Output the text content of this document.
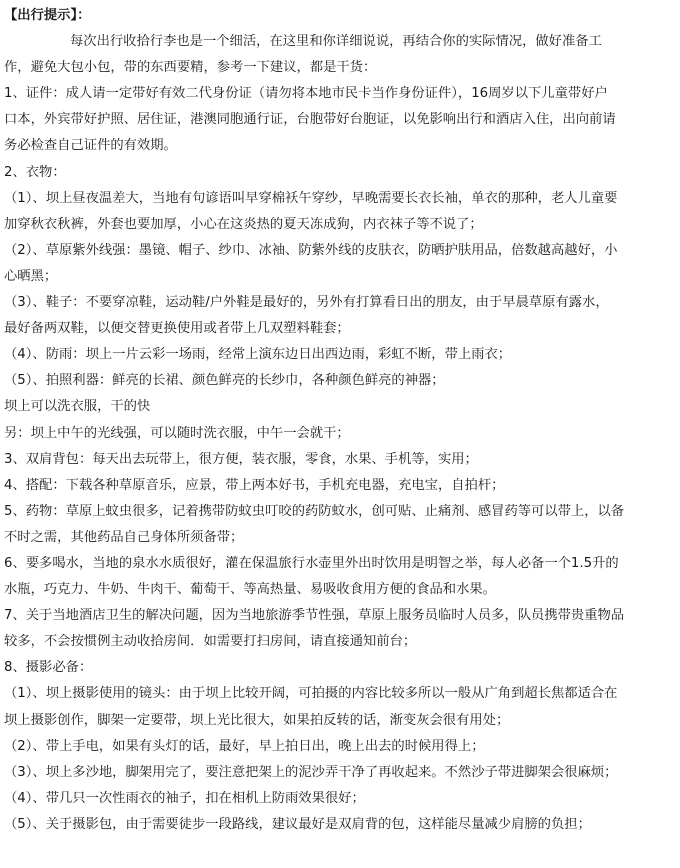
【出行提示】：
每次出行收拾行李也是一个细活，在这里和你详细说说，再结合你的实际情况，做好准备工
作，避免大包小包，带的东西要精，参考一下建议，都是干货：
1、证件：成人请一定带好有效二代身份证（请勿将本地市民卡当作身份证件），16周岁以下儿童带好户
口本，外宾带好护照、居住证，港澳同胞通行证，台胞带好台胞证，以免影响出行和酒店入住，出向前请
务必检查自己证件的有效期。
2、衣物：
（1）、坝上昼夜温差大，当地有句谚语叫早穿棉袄午穿纱，早晚需要长衣长袖，单衣的那种，老人儿童要
加穿秋衣秋裤，外套也要加厚，小心在这炎热的夏天冻成狗，内衣袜子等不说了；
（2）、草原紫外线强：墨镜、帽子、纱巾、冰袖、防紫外线的皮肤衣，防晒护肤用品，倍数越高越好，小
心晒黑；
（3）、鞋子：不要穿凉鞋，运动鞋/户外鞋是最好的，另外有打算看日出的朋友，由于早晨草原有露水，
最好备两双鞋，以便交替更换使用或者带上几双塑料鞋套；
（4）、防雨：坝上一片云彩一场雨，经常上演东边日出西边雨，彩虹不断，带上雨衣；
（5）、拍照利器：鲜亮的长裙、颜色鲜亮的长纱巾，各种颜色鲜亮的神器；
坝上可以洗衣服，干的快
另：坝上中午的光线强，可以随时洗衣服，中午一会就干；
3、双肩背包：每天出去玩带上，很方便，装衣服，零食，水果、手机等，实用；
4、搭配：下载各种草原音乐，应景，带上两本好书，手机充电器，充电宝，自拍杆；
5、药物：草原上蚊虫很多，记着携带防蚊虫叮咬的药防蚊水，创可贴、止痛剂、感冒药等可以带上，以备
不时之需，其他药品自己身体所须备带；
6、要多喝水，当地的泉水水质很好，灌在保温旅行水壶里外出时饮用是明智之举，每人必备一个1.5升的
水瓶，巧克力、牛奶、牛肉干、葡萄干、等高热量、易吸收食用方便的食品和水果。
7、关于当地酒店卫生的解决问题，因为当地旅游季节性强，草原上服务员临时人员多，队员携带贵重物品
较多，不会按惯例主动收拾房间．如需要打扫房间，请直接通知前台；
8、摄影必备：
（1）、坝上摄影使用的镜头：由于坝上比较开阔，可拍摄的内容比较多所以一般从广角到超长焦都适合在
坝上摄影创作，脚架一定要带，坝上光比很大，如果拍反转的话，渐变灰会很有用处；
（2）、带上手电，如果有头灯的话，最好，早上拍日出，晚上出去的时候用得上；
（3）、坝上多沙地，脚架用完了，要注意把架上的泥沙弄干净了再收起来。不然沙子带进脚架会很麻烦；
（4）、带几只一次性雨衣的袖子，扣在相机上防雨效果很好；
（5）、关于摄影包，由于需要徒步一段路线，建议最好是双肩背的包，这样能尽量减少肩膀的负担；
